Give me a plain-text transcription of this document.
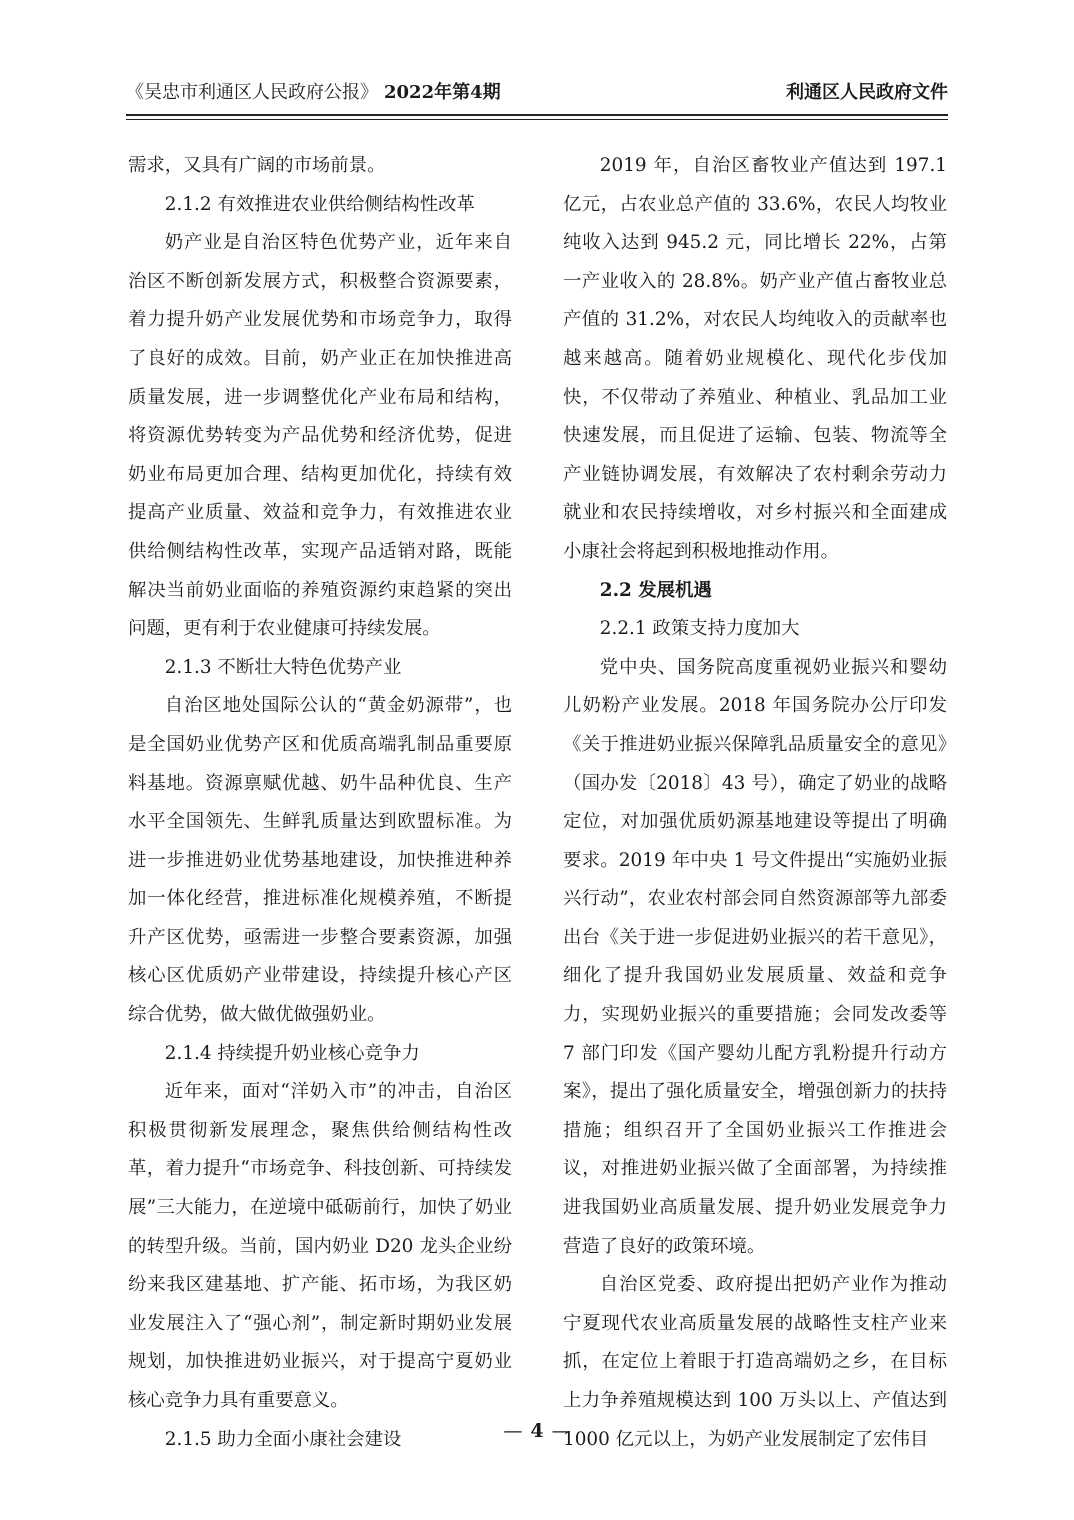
《吴忠市利通区人民政府公报》 2022年第4期	利通区人民政府文件

需求，又具有广阔的市场前景。

2.1.2 有效推进农业供给侧结构性改革

奶产业是自治区特色优势产业，近年来自治区不断创新发展方式，积极整合资源要素，着力提升奶产业发展优势和市场竞争力，取得了良好的成效。目前，奶产业正在加快推进高质量发展，进一步调整优化产业布局和结构，将资源优势转变为产品优势和经济优势，促进奶业布局更加合理、结构更加优化，持续有效提高产业质量、效益和竞争力，有效推进农业供给侧结构性改革，实现产品适销对路，既能解决当前奶业面临的养殖资源约束趋紧的突出问题，更有利于农业健康可持续发展。

2.1.3 不断壮大特色优势产业

自治区地处国际公认的“黄金奶源带”，也是全国奶业优势产区和优质高端乳制品重要原料基地。资源禀赋优越、奶牛品种优良、生产水平全国领先、生鲜乳质量达到欧盟标准。为进一步推进奶业优势基地建设，加快推进种养加一体化经营，推进标准化规模养殖，不断提升产区优势，亟需进一步整合要素资源，加强核心区优质奶产业带建设，持续提升核心产区综合优势，做大做优做强奶业。

2.1.4 持续提升奶业核心竞争力

近年来，面对“洋奶入市”的冲击，自治区积极贯彻新发展理念，聚焦供给侧结构性改革，着力提升“市场竞争、科技创新、可持续发展”三大能力，在逆境中砥砺前行，加快了奶业的转型升级。当前，国内奶业 D20 龙头企业纷纷来我区建基地、扩产能、拓市场，为我区奶业发展注入了“强心剂”，制定新时期奶业发展规划，加快推进奶业振兴，对于提高宁夏奶业核心竞争力具有重要意义。

2.1.5 助力全面小康社会建设

2019 年，自治区畜牧业产值达到 197.1 亿元，占农业总产值的 33.6%，农民人均牧业纯收入达到 945.2 元，同比增长 22%，占第一产业收入的 28.8%。奶产业产值占畜牧业总产值的 31.2%，对农民人均纯收入的贡献率也越来越高。随着奶业规模化、现代化步伐加快，不仅带动了养殖业、种植业、乳品加工业快速发展，而且促进了运输、包装、物流等全产业链协调发展，有效解决了农村剩余劳动力就业和农民持续增收，对乡村振兴和全面建成小康社会将起到积极地推动作用。

2.2 发展机遇

2.2.1 政策支持力度加大

党中央、国务院高度重视奶业振兴和婴幼儿奶粉产业发展。2018 年国务院办公厅印发《关于推进奶业振兴保障乳品质量安全的意见》（国办发〔2018〕43 号），确定了奶业的战略定位，对加强优质奶源基地建设等提出了明确要求。2019 年中央 1 号文件提出“实施奶业振兴行动”，农业农村部会同自然资源部等九部委出台《关于进一步促进奶业振兴的若干意见》，细化了提升我国奶业发展质量、效益和竞争力，实现奶业振兴的重要措施；会同发改委等 7 部门印发《国产婴幼儿配方乳粉提升行动方案》，提出了强化质量安全，增强创新力的扶持措施；组织召开了全国奶业振兴工作推进会议，对推进奶业振兴做了全面部署，为持续推进我国奶业高质量发展、提升奶业发展竞争力营造了良好的政策环境。

自治区党委、政府提出把奶产业作为推动宁夏现代农业高质量发展的战略性支柱产业来抓，在定位上着眼于打造高端奶之乡，在目标上力争养殖规模达到 100 万头以上、产值达到 1000 亿元以上，为奶产业发展制定了宏伟目

— 4 —
